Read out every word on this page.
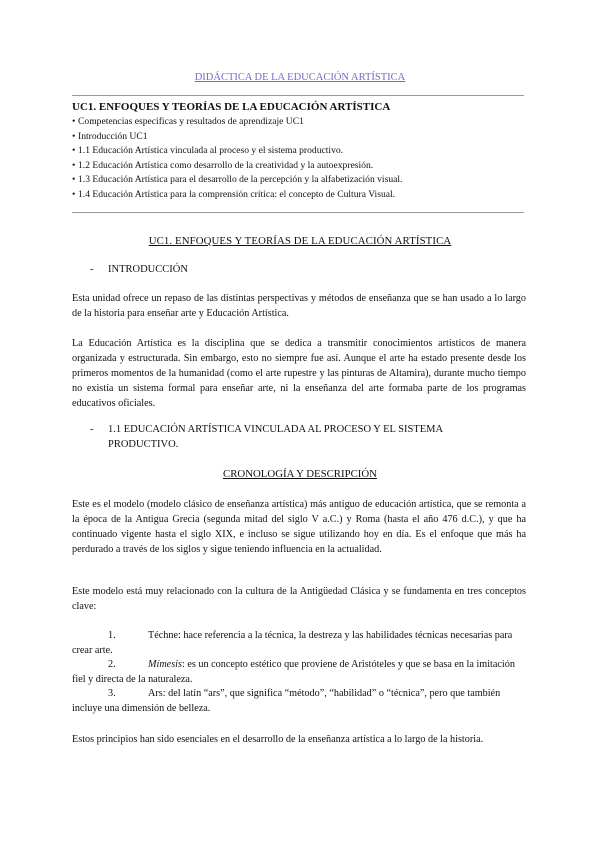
DIDÁCTICA DE LA EDUCACIÓN ARTÍSTICA
UC1. ENFOQUES Y TEORÍAS DE LA EDUCACIÓN ARTÍSTICA
• Competencias específicas y resultados de aprendizaje UC1
• Introducción UC1
• 1.1 Educación Artística vinculada al proceso y el sistema productivo.
• 1.2 Educación Artística como desarrollo de la creatividad y la autoexpresión.
• 1.3 Educación Artística para el desarrollo de la percepción y la alfabetización visual.
• 1.4 Educación Artística para la comprensión crítica: el concepto de Cultura Visual.
UC1. ENFOQUES Y TEORÍAS DE LA EDUCACIÓN ARTÍSTICA
- INTRODUCCIÓN
Esta unidad ofrece un repaso de las distintas perspectivas y métodos de enseñanza que se han usado a lo largo de la historia para enseñar arte y Educación Artística.
La Educación Artística es la disciplina que se dedica a transmitir conocimientos artísticos de manera organizada y estructurada. Sin embargo, esto no siempre fue así. Aunque el arte ha estado presente desde los primeros momentos de la humanidad (como el arte rupestre y las pinturas de Altamira), durante mucho tiempo no existía un sistema formal para enseñar arte, ni la enseñanza del arte formaba parte de los programas educativos oficiales.
- 1.1 EDUCACIÓN ARTÍSTICA VINCULADA AL PROCESO Y EL SISTEMA PRODUCTIVO.
CRONOLOGÍA Y DESCRIPCIÓN
Este es el modelo (modelo clásico de enseñanza artística) más antiguo de educación artística, que se remonta a la época de la Antigua Grecia (segunda mitad del siglo V a.C.) y Roma (hasta el año 476 d.C.), y que ha continuado vigente hasta el siglo XIX, e incluso se sigue utilizando hoy en día. Es el enfoque que más ha perdurado a través de los siglos y sigue teniendo influencia en la actualidad.
Este modelo está muy relacionado con la cultura de la Antigüedad Clásica y se fundamenta en tres conceptos clave:
1.	Téchne: hace referencia a la técnica, la destreza y las habilidades técnicas necesarias para crear arte.
2.	Mímesis: es un concepto estético que proviene de Aristóteles y que se basa en la imitación fiel y directa de la naturaleza.
3.	Ars: del latín “ars”, que significa “método”, “habilidad” o “técnica”, pero que también incluye una dimensión de belleza.
Estos principios han sido esenciales en el desarrollo de la enseñanza artística a lo largo de la historia.
